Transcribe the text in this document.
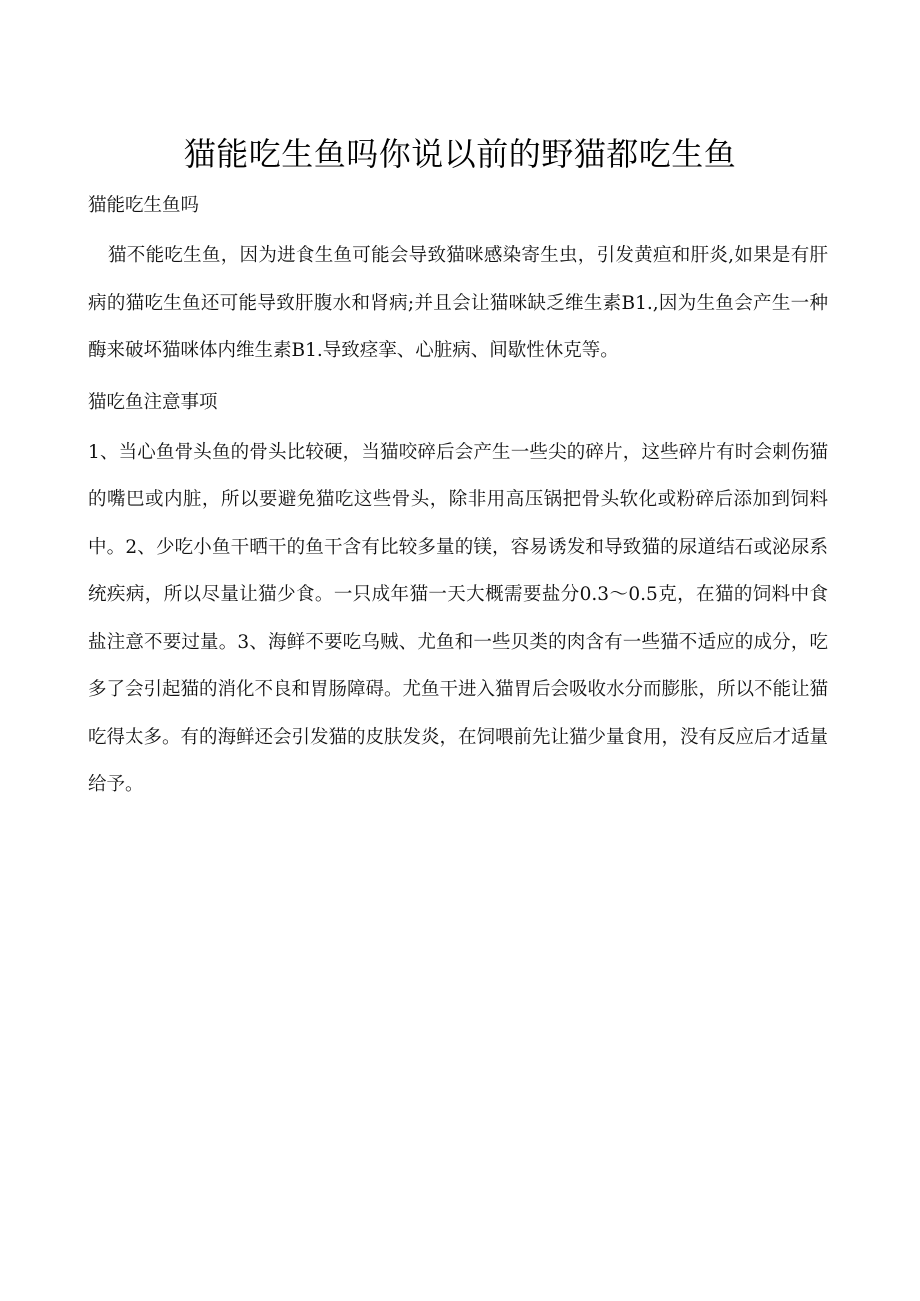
猫能吃生鱼吗你说以前的野猫都吃生鱼

猫能吃生鱼吗

猫不能吃生鱼，因为进食生鱼可能会导致猫咪感染寄生虫，引发黄疸和肝炎,如果是有肝病的猫吃生鱼还可能导致肝腹水和肾病;并且会让猫咪缺乏维生素B1.,因为生鱼会产生一种酶来破坏猫咪体内维生素B1.导致痉挛、心脏病、间歇性休克等。

猫吃鱼注意事项

1、当心鱼骨头鱼的骨头比较硬，当猫咬碎后会产生一些尖的碎片，这些碎片有时会刺伤猫的嘴巴或内脏，所以要避免猫吃这些骨头，除非用高压锅把骨头软化或粉碎后添加到饲料中。2、少吃小鱼干晒干的鱼干含有比较多量的镁，容易诱发和导致猫的尿道结石或泌尿系统疾病，所以尽量让猫少食。一只成年猫一天大概需要盐分0.3～0.5克，在猫的饲料中食盐注意不要过量。3、海鲜不要吃乌贼、尤鱼和一些贝类的肉含有一些猫不适应的成分，吃多了会引起猫的消化不良和胃肠障碍。尤鱼干进入猫胃后会吸收水分而膨胀，所以不能让猫吃得太多。有的海鲜还会引发猫的皮肤发炎，在饲喂前先让猫少量食用，没有反应后才适量给予。
